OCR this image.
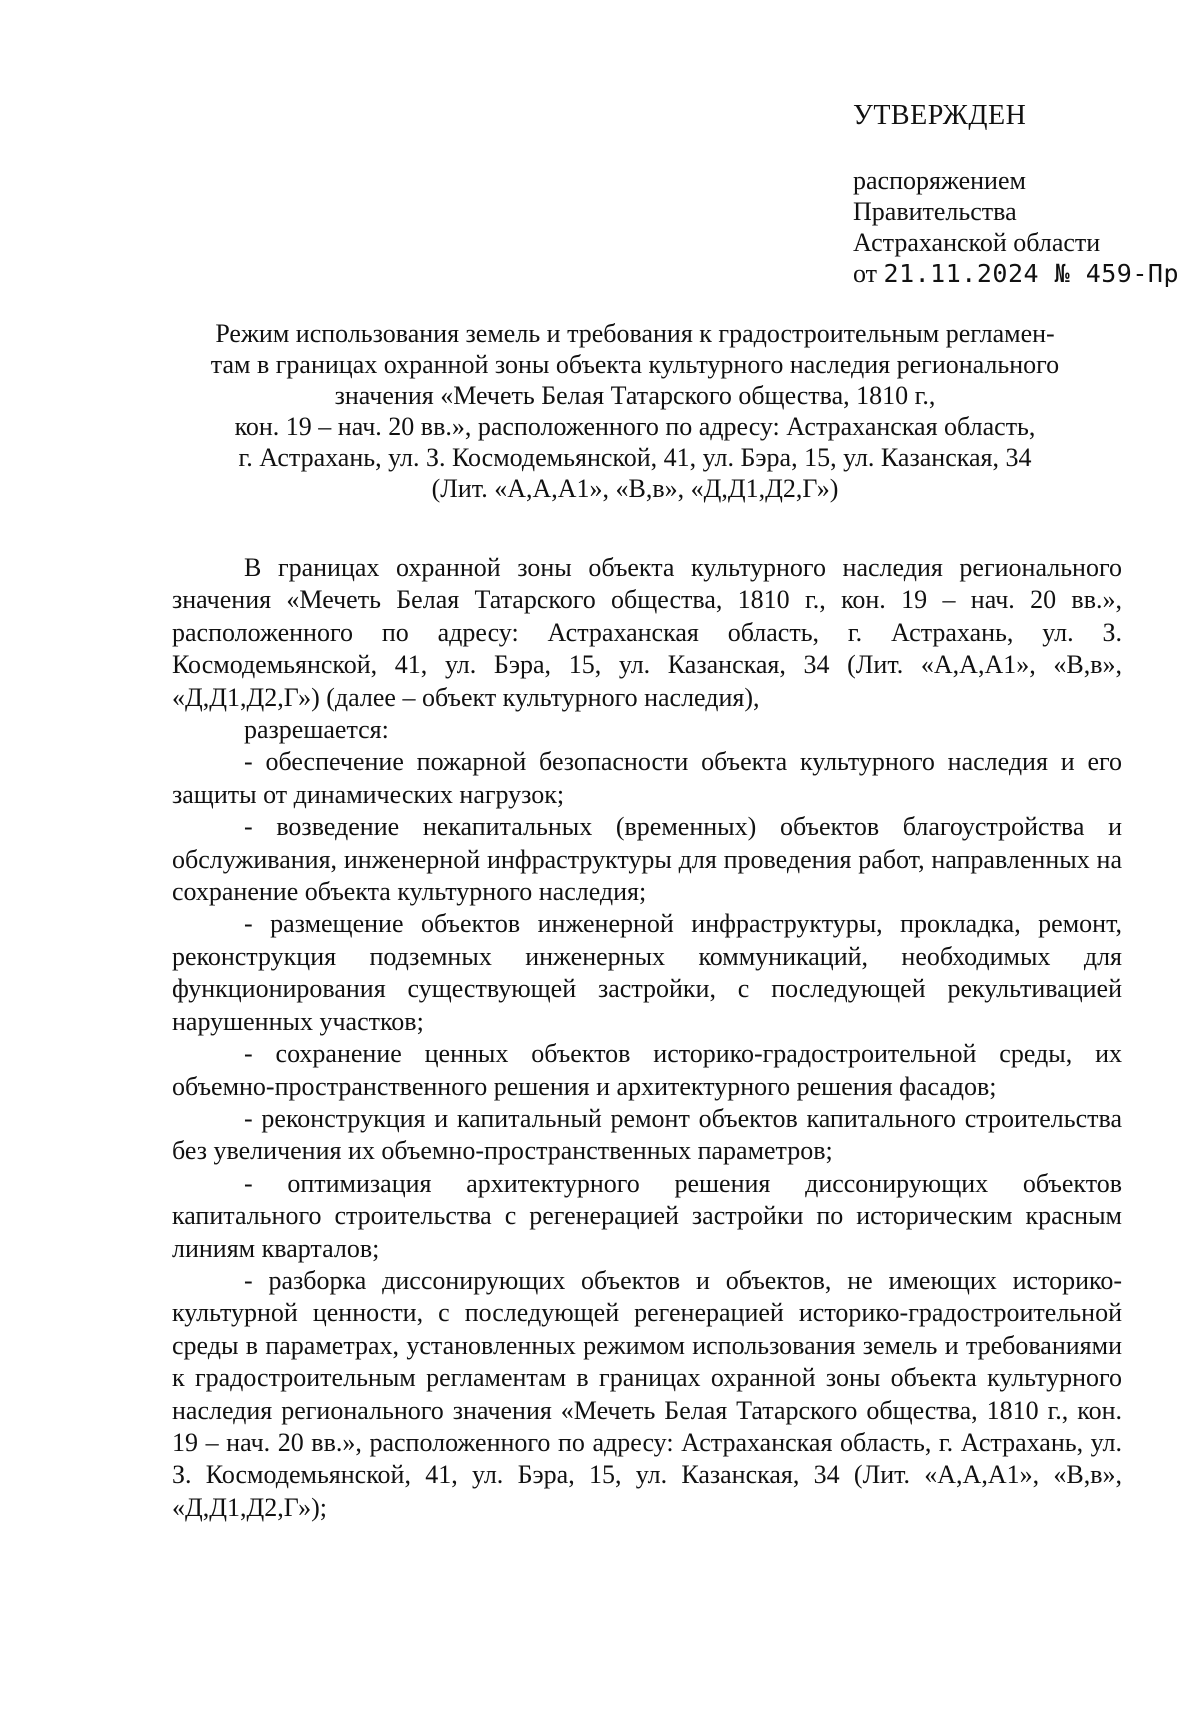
УТВЕРЖДЕН
распоряжением
Правительства
Астраханской области
от 21.11.2024 № 459-Пр
Режим использования земель и требования к градостроительным регламен-
там в границах охранной зоны объекта культурного наследия регионального
значения «Мечеть Белая Татарского общества, 1810 г.,
кон. 19 – нач. 20 вв.», расположенного по адресу: Астраханская область,
г. Астрахань, ул. З. Космодемьянской, 41, ул. Бэра, 15, ул. Казанская, 34
(Лит. «А,А,А1», «В,в», «Д,Д1,Д2,Г»)

В границах охранной зоны объекта культурного наследия регионального значения «Мечеть Белая Татарского общества, 1810 г., кон. 19 – нач. 20 вв.», расположенного по адресу: Астраханская область, г. Астрахань, ул. З. Космодемьянской, 41, ул. Бэра, 15, ул. Казанская, 34 (Лит. «А,А,А1», «В,в», «Д,Д1,Д2,Г») (далее – объект культурного наследия),

разрешается:

- обеспечение пожарной безопасности объекта культурного наследия и его защиты от динамических нагрузок;

- возведение некапитальных (временных) объектов благоустройства и обслуживания, инженерной инфраструктуры для проведения работ, направленных на сохранение объекта культурного наследия;

- размещение объектов инженерной инфраструктуры, прокладка, ремонт, реконструкция подземных инженерных коммуникаций, необходимых для функционирования существующей застройки, с последующей рекультивацией нарушенных участков;

- сохранение ценных объектов историко-градостроительной среды, их объемно-пространственного решения и архитектурного решения фасадов;

- реконструкция и капитальный ремонт объектов капитального строительства без увеличения их объемно-пространственных параметров;

- оптимизация архитектурного решения диссонирующих объектов капитального строительства с регенерацией застройки по историческим красным линиям кварталов;

- разборка диссонирующих объектов и объектов, не имеющих историко-культурной ценности, с последующей регенерацией историко-градостроительной среды в параметрах, установленных режимом использования земель и требованиями к градостроительным регламентам в границах охранной зоны объекта культурного наследия регионального значения «Мечеть Белая Татарского общества, 1810 г., кон. 19 – нач. 20 вв.», расположенного по адресу: Астраханская область, г. Астрахань, ул. З. Космодемьянской, 41, ул. Бэра, 15, ул. Казанская, 34 (Лит. «А,А,А1», «В,в», «Д,Д1,Д2,Г»);
